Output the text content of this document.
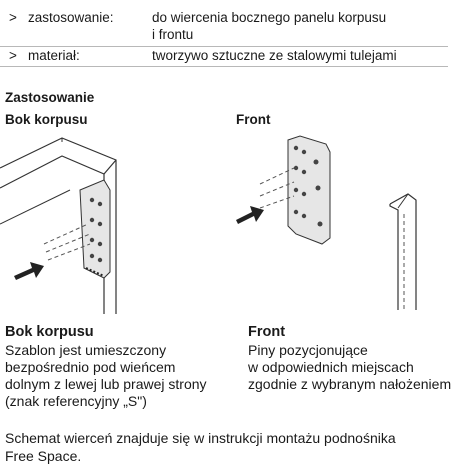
> zastosowanie:	do wiercenia bocznego panelu korpusu
i frontu
> materiał:	tworzywo sztuczne ze stalowymi tulejami
Zastosowanie
Bok korpusu	Front
Bok korpusu
Szablon jest umieszczony
bezpośrednio pod wieńcem
dolnym z lewej lub prawej strony
(znak referencyjny „S")
Front
Piny pozycjonujące
w odpowiednich miejscach
zgodnie z wybranym nałożeniem
Schemat wierceń znajduje się w instrukcji montażu podnośnika
Free Space.
